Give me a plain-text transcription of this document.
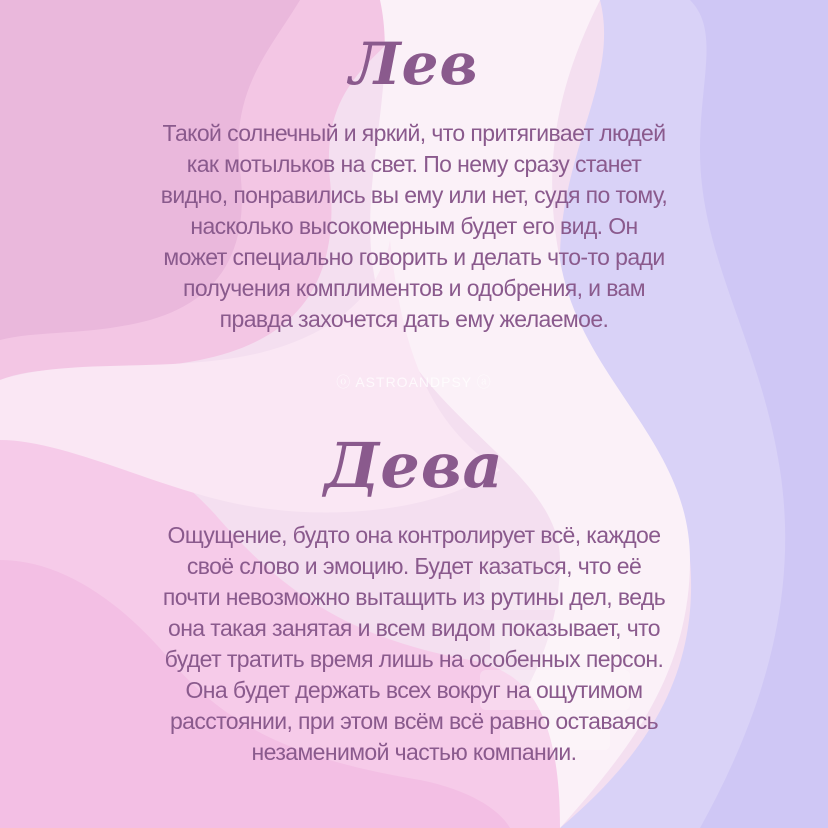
Лев
Такой солнечный и яркий, что притягивает людей
как мотыльков на свет. По нему сразу станет
видно, понравились вы ему или нет, судя по тому,
насколько высокомерным будет его вид. Он
может специально говорить и делать что-то ради
получения комплиментов и одобрения, и вам
правда захочется дать ему желаемое.
ⓞ ASTROANDPSY ⓐ
Дева
Ощущение, будто она контролирует всё, каждое
своё слово и эмоцию. Будет казаться, что её
почти невозможно вытащить из рутины дел, ведь
она такая занятая и всем видом показывает, что
будет тратить время лишь на особенных персон.
Она будет держать всех вокруг на ощутимом
расстоянии, при этом всём всё равно оставаясь
незаменимой частью компании.
